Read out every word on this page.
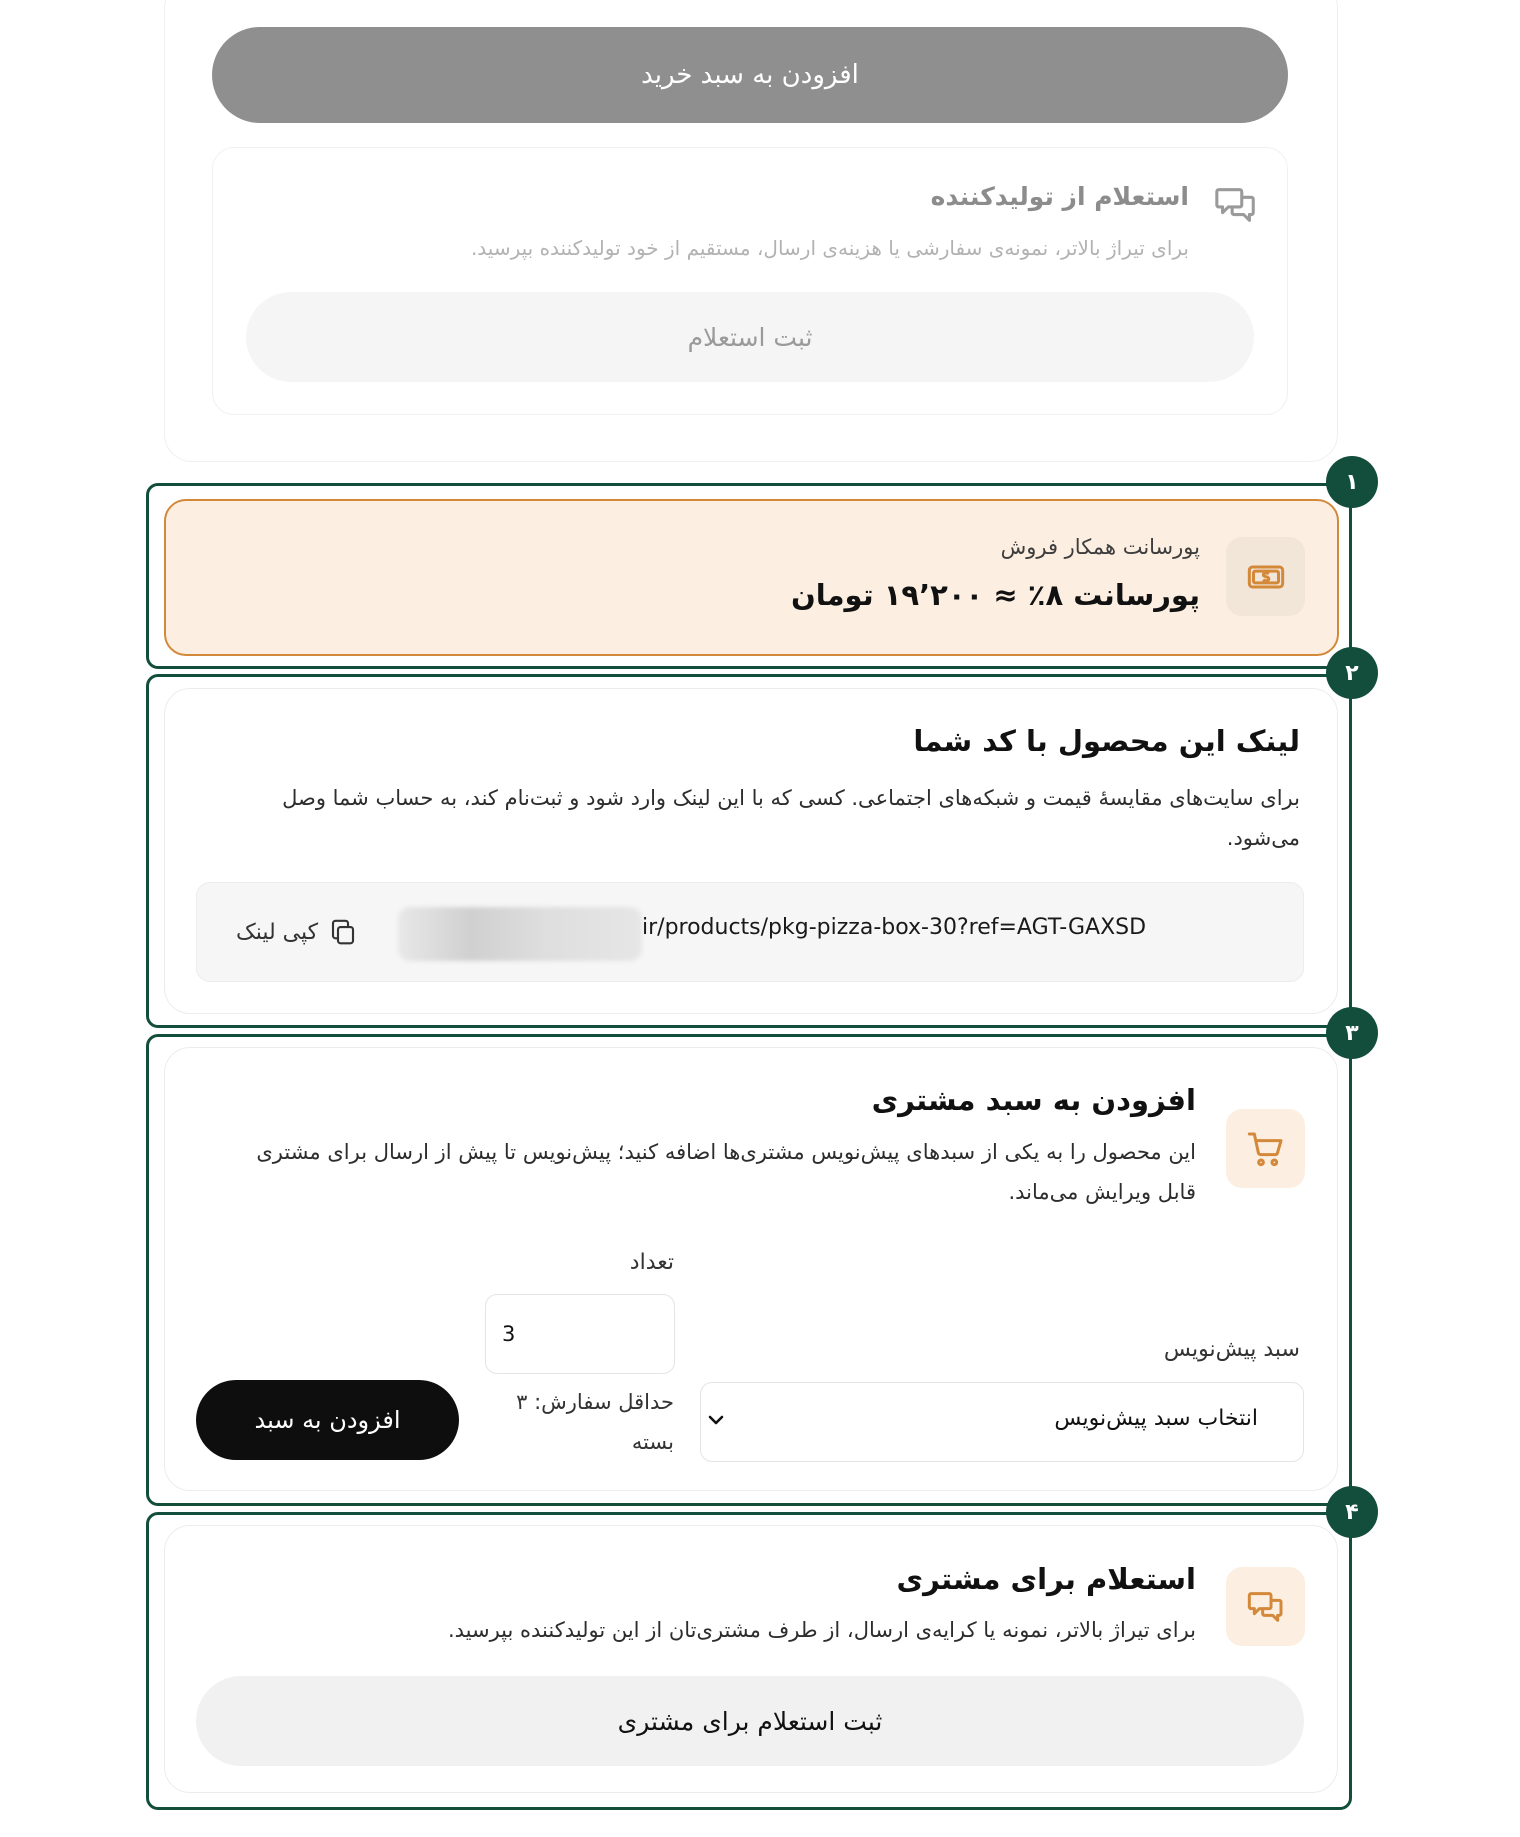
افزودن به سبد خرید
استعلام از تولیدکننده
برای تیراژ بالاتر، نمونه‌ی سفارشی یا هزینه‌ی ارسال، مستقیم از خود تولیدکننده بپرسید.
ثبت استعلام
۱
پورسانت همکار فروش
پورسانت ۸٪ ≈ ۱۹٬۲۰۰ تومان
۲
لینک این محصول با کد شما
برای سایت‌های مقایسهٔ قیمت و شبکه‌های اجتماعی. کسی که با این لینک وارد شود و ثبت‌نام کند، به حساب شما وصل می‌شود.
ir/products/pkg-pizza-box-30?ref=AGT-GAXSD
کپی لینک
۳
افزودن به سبد مشتری
این محصول را به یکی از سبدهای پیش‌نویس مشتری‌ها اضافه کنید؛ پیش‌نویس تا پیش از ارسال برای مشتری قابل ویرایش می‌ماند.
تعداد
3
حداقل سفارش: ۳ بسته
سبد پیش‌نویس
انتخاب سبد پیش‌نویس
افزودن به سبد
۴
استعلام برای مشتری
برای تیراژ بالاتر، نمونه یا کرایه‌ی ارسال، از طرف مشتری‌تان از این تولیدکننده بپرسید.
ثبت استعلام برای مشتری
